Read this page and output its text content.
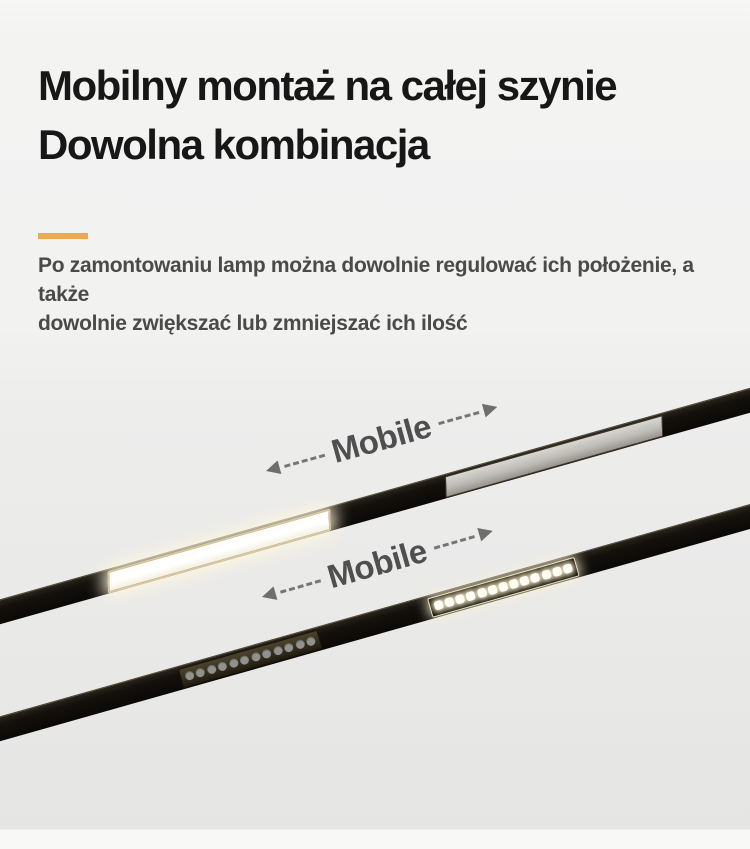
Mobilny montaż na całej szynie
Dowolna kombinacja

Po zamontowaniu lamp można dowolnie regulować ich położenie, a także
dowolnie zwiększać lub zmniejszać ich ilość

Mobile
Mobile
